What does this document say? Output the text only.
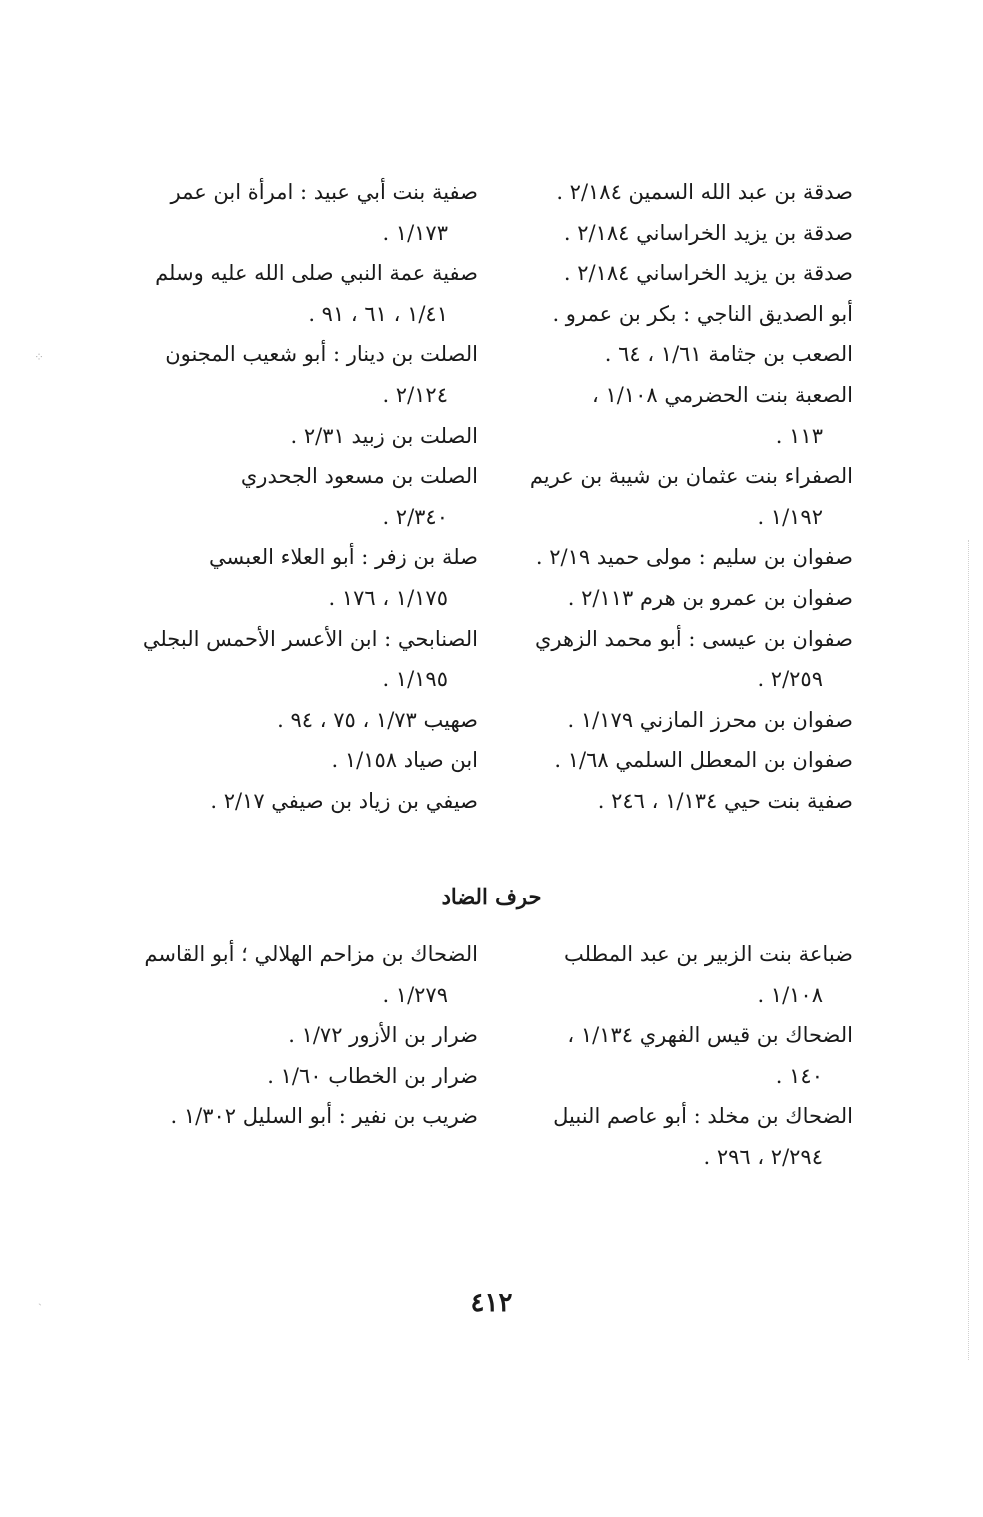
صدقة بن عبد الله السمين ٢/١٨٤ .
صدقة بن يزيد الخراساني ٢/١٨٤ .
صدقة بن يزيد الخراساني ٢/١٨٤ .
أبو الصديق الناجي : بكر بن عمرو .
الصعب بن جثامة ١/٦١ ، ٦٤ .
الصعبة بنت الحضرمي ١/١٠٨ ،
١١٣ .
الصفراء بنت عثمان بن شيبة بن عريم
١/١٩٢ .
صفوان بن سليم : مولى حميد ٢/١٩ .
صفوان بن عمرو بن هرم ٢/١١٣ .
صفوان بن عيسى : أبو محمد الزهري
٢/٢٥٩ .
صفوان بن محرز المازني ١/١٧٩ .
صفوان بن المعطل السلمي ١/٦٨ .
صفية بنت حيي ١/١٣٤ ، ٢٤٦ .
صفية بنت أبي عبيد : امرأة ابن عمر
١/١٧٣ .
صفية عمة النبي صلى الله عليه وسلم
١/٤١ ، ٦١ ، ٩١ .
الصلت بن دينار : أبو شعيب المجنون
٢/١٢٤ .
الصلت بن زبيد ٢/٣١ .
الصلت بن مسعود الجحدري
٢/٣٤٠ .
صلة بن زفر : أبو العلاء العبسي
١/١٧٥ ، ١٧٦ .
الصنابحي : ابن الأعسر الأحمس البجلي
١/١٩٥ .
صهيب ١/٧٣ ، ٧٥ ، ٩٤ .
ابن صياد ١/١٥٨ .
صيفي بن زياد بن صيفي ٢/١٧ .
حرف الضاد
ضباعة بنت الزبير بن عبد المطلب
١/١٠٨ .
الضحاك بن قيس الفهري ١/١٣٤ ،
١٤٠ .
الضحاك بن مخلد : أبو عاصم النبيل
٢/٢٩٤ ، ٢٩٦ .
الضحاك بن مزاحم الهلالي ؛ أبو القاسم
١/٢٧٩ .
ضرار بن الأزور ١/٧٢ .
ضرار بن الخطاب ١/٦٠ .
ضريب بن نفير : أبو السليل ١/٣٠٢ .
٤١٢
⁘
ˎ
